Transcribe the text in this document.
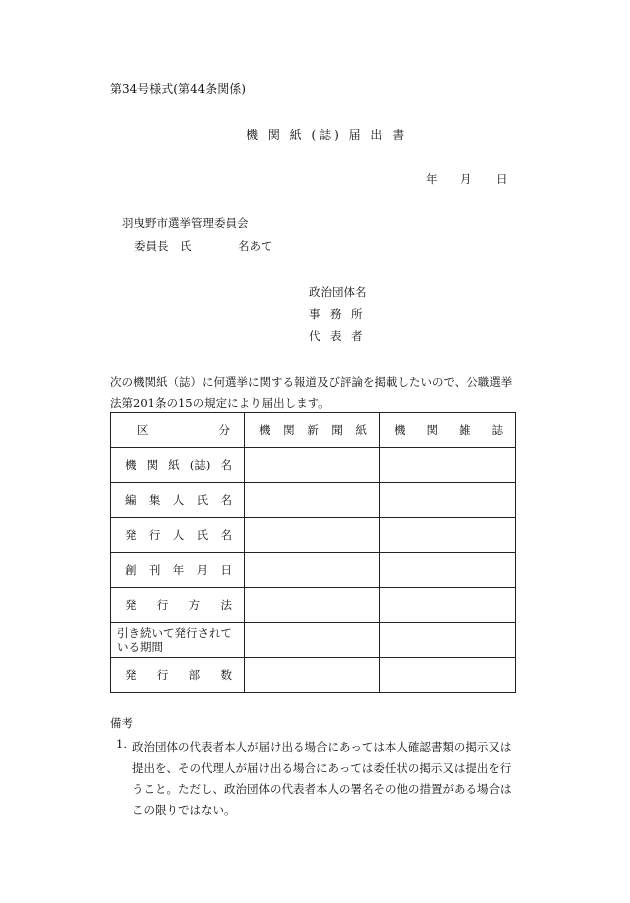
第34号様式(第44条関係)
機 関 紙 (誌) 届 出 書
年 月 日
羽曳野市選挙管理委員会
委員長 氏	名あて
政治団体名
事 務 所
代 表 者
次の機関紙（誌）に何選挙に関する報道及び評論を掲載したいので、公職選挙法第201条の15の規定により届出します。
区 分	機 関 新 聞 紙	機 関 雑 誌

機 関 紙 (誌) 名		

編 集 人 氏 名		

発 行 人 氏 名		

創 刊 年 月 日		

発 行 方 法		

引き続いて発行されている期間		

発 行 部 数		

備考
1. 政治団体の代表者本人が届け出る場合にあっては本人確認書類の掲示又は提出を、その代理人が届け出る場合にあっては委任状の掲示又は提出を行うこと。ただし、政治団体の代表者本人の署名その他の措置がある場合はこの限りではない。
